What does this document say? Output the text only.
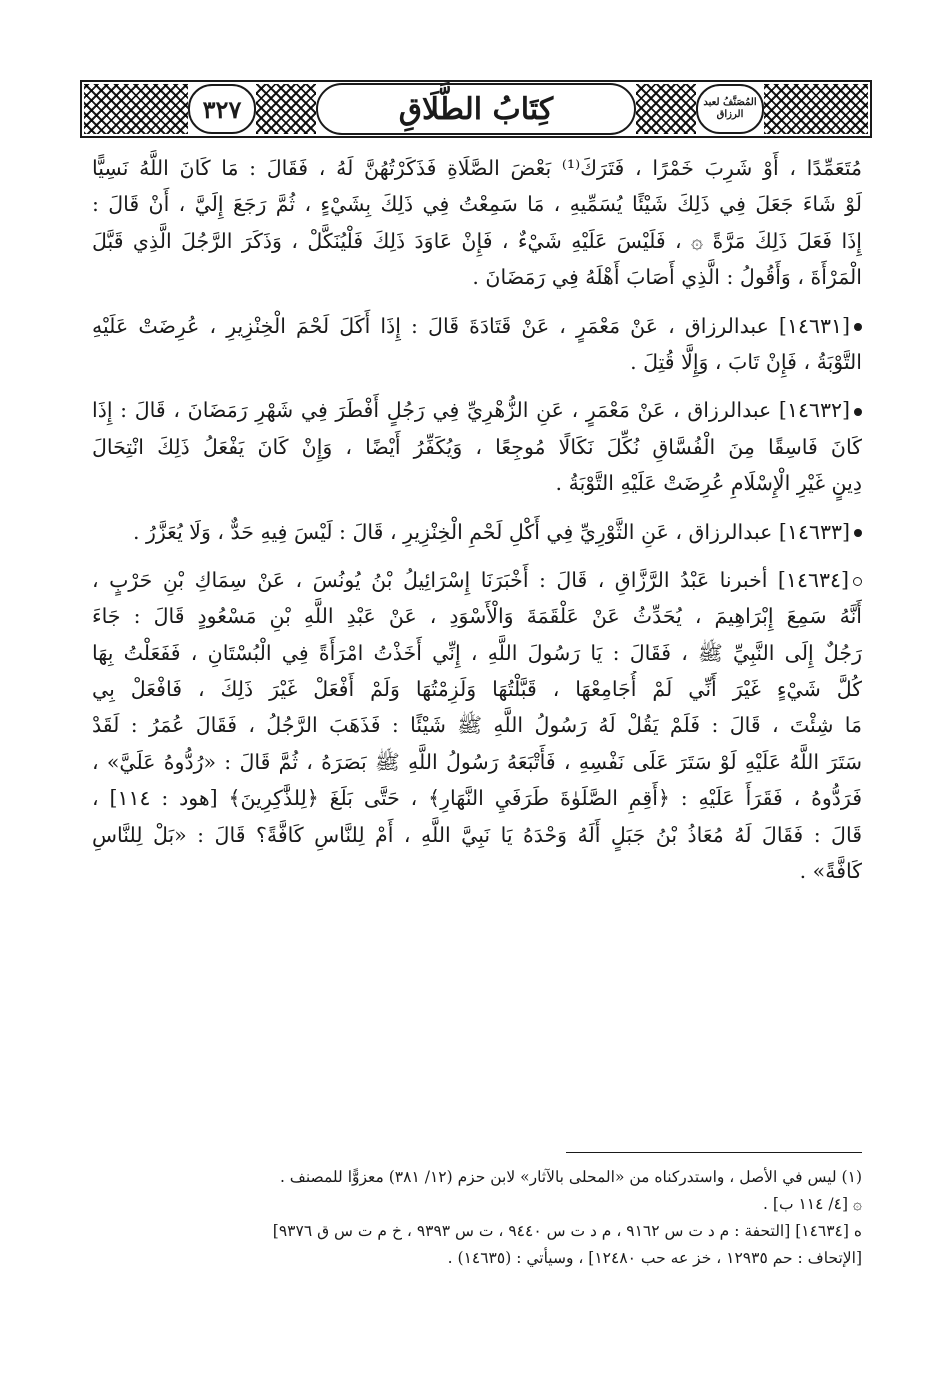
٣٢٧	كِتَابُ الطَّلَاقِ	المُصَنَّفُ لعبد الرزاق
مُتَعَمِّدًا ، أَوْ شَرِبَ خَمْرًا ، فَتَرَكَ⁽¹⁾ بَعْضَ الصَّلَاةِ فَذَكَرْتُهُنَّ لَهُ ، فَقَالَ : مَا كَانَ اللَّهُ نَسِيًّا
لَوْ شَاءَ جَعَلَ فِي ذَلِكَ شَيْئًا يُسَمِّيهِ ، مَا سَمِعْتُ فِي ذَلِكَ بِشَيْءٍ ، ثُمَّ رَجَعَ إِلَيَّ ، أَنْ قَالَ :
إِذَا فَعَلَ ذَلِكَ مَرَّةً ۞ ، فَلَيْسَ عَلَيْهِ شَيْءٌ ، فَإِنْ عَاوَدَ ذَلِكَ فَلْيُنَكَّلْ ، وَذَكَرَ الرَّجُلَ الَّذِي قَبَّلَ
الْمَرْأَةَ ، وَأَقُولُ : الَّذِي أَصَابَ أَهْلَهُ فِي رَمَضَانَ .
[١٤٦٣١] عبدالرزاق ، عَنْ مَعْمَرٍ ، عَنْ قَتَادَةَ قَالَ : إِذَا أَكَلَ لَحْمَ الْخِنْزِيرِ ، عُرِضَتْ عَلَيْهِ
التَّوْبَةُ ، فَإِنْ تَابَ ، وَإِلَّا قُتِلَ .
[١٤٦٣٢] عبدالرزاق ، عَنْ مَعْمَرٍ ، عَنِ الزُّهْرِيِّ فِي رَجُلٍ أَفْطَرَ فِي شَهْرِ رَمَضَانَ ، قَالَ : إِذَا
كَانَ فَاسِقًا مِنَ الْفُسَّاقِ نُكِّلَ نَكَالًا مُوجِعًا ، وَيُكَفِّرُ أَيْضًا ، وَإِنْ كَانَ يَفْعَلُ ذَلِكَ انْتِحَالَ
دِينٍ غَيْرِ الْإِسْلَامِ عُرِضَتْ عَلَيْهِ التَّوْبَةُ .
[١٤٦٣٣] عبدالرزاق ، عَنِ الثَّوْرِيِّ فِي أَكْلِ لَحْمِ الْخِنْزِيرِ ، قَالَ : لَيْسَ فِيهِ حَدٌّ ، وَلَا يُعَزَّرُ .
[١٤٦٣٤] أخبرنا عَبْدُ الرَّزَّاقِ ، قَالَ : أَخْبَرَنَا إِسْرَائِيلُ بْنُ يُونُسَ ، عَنْ سِمَاكِ بْنِ حَرْبٍ ،
أَنَّهُ سَمِعَ إِبْرَاهِيمَ ، يُحَدِّثُ عَنْ عَلْقَمَةَ وَالْأَسْوَدِ ، عَنْ عَبْدِ اللَّهِ بْنِ مَسْعُودٍ قَالَ : جَاءَ
رَجُلٌ إِلَى النَّبِيِّ ﷺ ، فَقَالَ : يَا رَسُولَ اللَّهِ ، إِنِّي أَخَذْتُ امْرَأَةً فِي الْبُسْتَانِ ، فَفَعَلْتُ بِهَا
كُلَّ شَيْءٍ غَيْرَ أَنِّي لَمْ أُجَامِعْهَا ، قَبَّلْتُهَا وَلَزِمْتُهَا وَلَمْ أَفْعَلْ غَيْرَ ذَلِكَ ، فَافْعَلْ بِي
مَا شِئْتَ ، قَالَ : فَلَمْ يَقُلْ لَهُ رَسُولُ اللَّهِ ﷺ شَيْئًا : فَذَهَبَ الرَّجُلُ ، فَقَالَ عُمَرُ : لَقَدْ
سَتَرَ اللَّهُ عَلَيْهِ لَوْ سَتَرَ عَلَى نَفْسِهِ ، فَأَتْبَعَهُ رَسُولُ اللَّهِ ﷺ بَصَرَهُ ، ثُمَّ قَالَ : «رُدُّوهُ عَلَيَّ» ،
فَرَدُّوهُ ، فَقَرَأَ عَلَيْهِ : ﴿أَقِمِ الصَّلَوٰةَ طَرَفَيِ النَّهَارِ﴾ ، حَتَّى بَلَغَ ﴿لِلذَّٰكِرِينَ﴾ [هود : ١١٤] ،
قَالَ : فَقَالَ لَهُ مُعَاذُ بْنُ جَبَلٍ أَلَهُ وَحْدَهُ يَا نَبِيَّ اللَّهِ ، أَمْ لِلنَّاسِ كَافَّةً؟ قَالَ : «بَلْ لِلنَّاسِ
كَافَّةً» .
(١) ليس في الأصل ، واستدركناه من «المحلى بالآثار» لابن حزم (١٢/ ٣٨١) معزوًّا للمصنف .
۞ [٤/ ١١٤ ب] .
ه [١٤٦٣٤] [التحفة : م د ت س ٩١٦٢ ، م د ت س ٩٤٤٠ ، ت س ٩٣٩٣ ، خ م ت س ق ٩٣٧٦]
[الإتحاف : حم ١٢٩٣٥ ، خز عه حب ١٢٤٨٠] ، وسيأتي : (١٤٦٣٥) .
